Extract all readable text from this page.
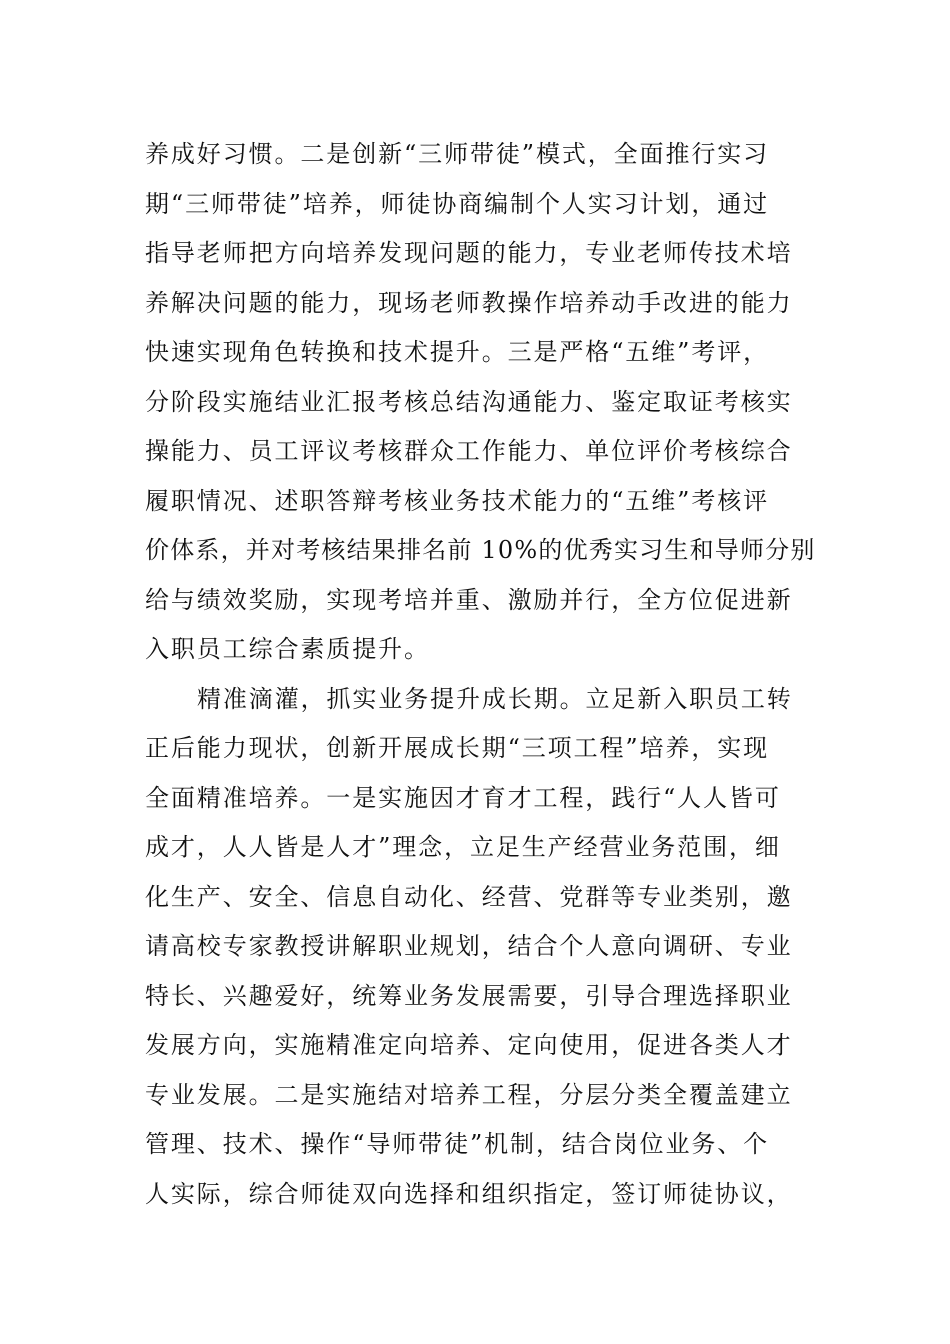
养成好习惯。二是创新“三师带徒”模式，全面推行实习
期“三师带徒”培养，师徒协商编制个人实习计划，通过
指导老师把方向培养发现问题的能力，专业老师传技术培
养解决问题的能力，现场老师教操作培养动手改进的能力
快速实现角色转换和技术提升。三是严格“五维”考评，
分阶段实施结业汇报考核总结沟通能力、鉴定取证考核实
操能力、员工评议考核群众工作能力、单位评价考核综合
履职情况、述职答辩考核业务技术能力的“五维”考核评
价体系，并对考核结果排名前 10%的优秀实习生和导师分别
给与绩效奖励，实现考培并重、激励并行，全方位促进新
入职员工综合素质提升。
精准滴灌，抓实业务提升成长期。立足新入职员工转
正后能力现状，创新开展成长期“三项工程”培养，实现
全面精准培养。一是实施因才育才工程，践行“人人皆可
成才，人人皆是人才”理念，立足生产经营业务范围，细
化生产、安全、信息自动化、经营、党群等专业类别，邀
请高校专家教授讲解职业规划，结合个人意向调研、专业
特长、兴趣爱好，统筹业务发展需要，引导合理选择职业
发展方向，实施精准定向培养、定向使用，促进各类人才
专业发展。二是实施结对培养工程，分层分类全覆盖建立
管理、技术、操作“导师带徒”机制，结合岗位业务、个
人实际，综合师徒双向选择和组织指定，签订师徒协议，
